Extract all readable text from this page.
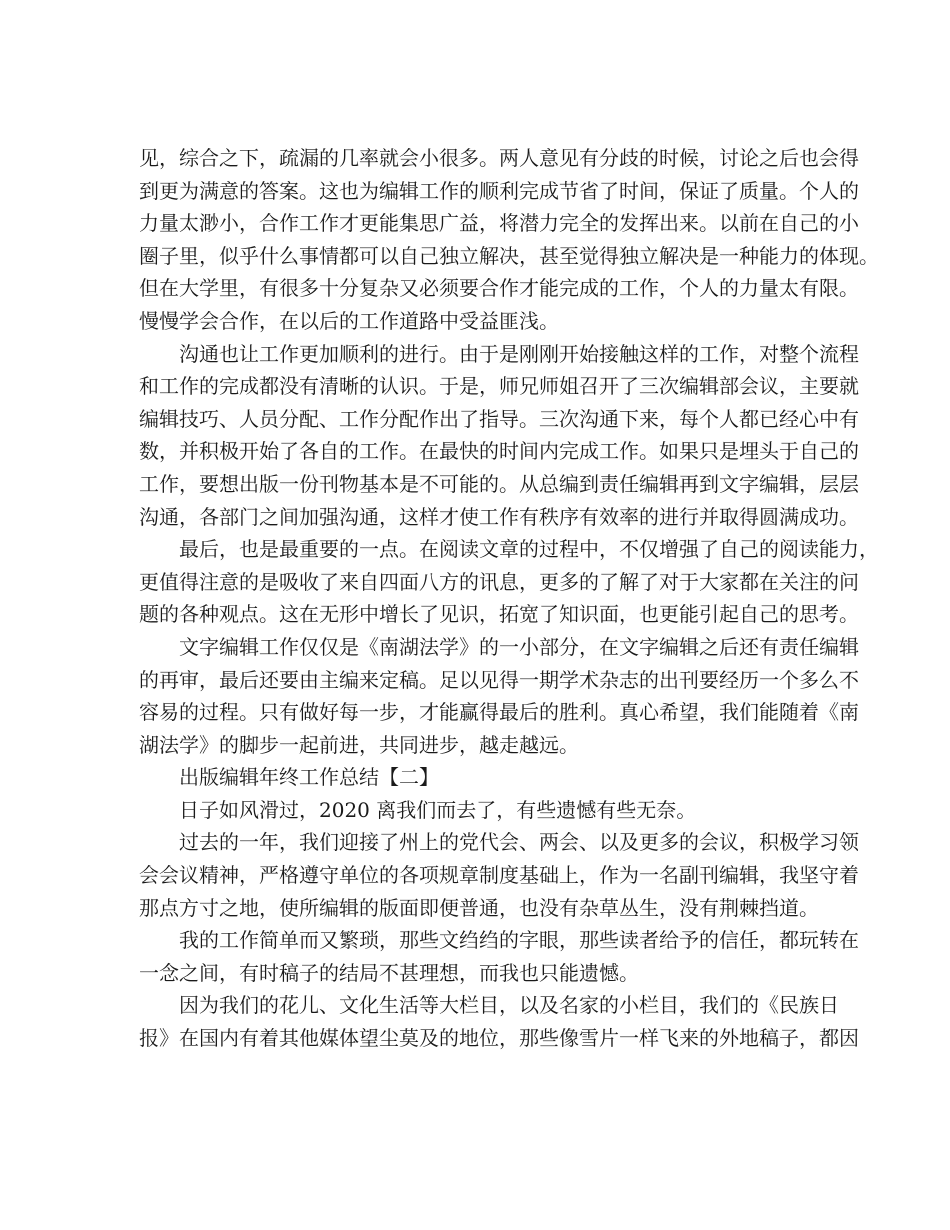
见，综合之下，疏漏的几率就会小很多。两人意见有分歧的时候，讨论之后也会得
到更为满意的答案。这也为编辑工作的顺利完成节省了时间，保证了质量。个人的
力量太渺小，合作工作才更能集思广益，将潜力完全的发挥出来。以前在自己的小
圈子里，似乎什么事情都可以自己独立解决，甚至觉得独立解决是一种能力的体现。
但在大学里，有很多十分复杂又必须要合作才能完成的工作，个人的力量太有限。
慢慢学会合作，在以后的工作道路中受益匪浅。
沟通也让工作更加顺利的进行。由于是刚刚开始接触这样的工作，对整个流程
和工作的完成都没有清晰的认识。于是，师兄师姐召开了三次编辑部会议，主要就
编辑技巧、人员分配、工作分配作出了指导。三次沟通下来，每个人都已经心中有
数，并积极开始了各自的工作。在最快的时间内完成工作。如果只是埋头于自己的
工作，要想出版一份刊物基本是不可能的。从总编到责任编辑再到文字编辑，层层
沟通，各部门之间加强沟通，这样才使工作有秩序有效率的进行并取得圆满成功。
最后，也是最重要的一点。在阅读文章的过程中，不仅增强了自己的阅读能力，
更值得注意的是吸收了来自四面八方的讯息，更多的了解了对于大家都在关注的问
题的各种观点。这在无形中增长了见识，拓宽了知识面，也更能引起自己的思考。
文字编辑工作仅仅是《南湖法学》的一小部分，在文字编辑之后还有责任编辑
的再审，最后还要由主编来定稿。足以见得一期学术杂志的出刊要经历一个多么不
容易的过程。只有做好每一步，才能赢得最后的胜利。真心希望，我们能随着《南
湖法学》的脚步一起前进，共同进步，越走越远。
出版编辑年终工作总结【二】
日子如风滑过，2020 离我们而去了，有些遗憾有些无奈。
过去的一年，我们迎接了州上的党代会、两会、以及更多的会议，积极学习领
会会议精神，严格遵守单位的各项规章制度基础上，作为一名副刊编辑，我坚守着
那点方寸之地，使所编辑的版面即便普通，也没有杂草丛生，没有荆棘挡道。
我的工作简单而又繁琐，那些文绉绉的字眼，那些读者给予的信任，都玩转在
一念之间，有时稿子的结局不甚理想，而我也只能遗憾。
因为我们的花儿、文化生活等大栏目，以及名家的小栏目，我们的《民族日
报》在国内有着其他媒体望尘莫及的地位，那些像雪片一样飞来的外地稿子，都因
